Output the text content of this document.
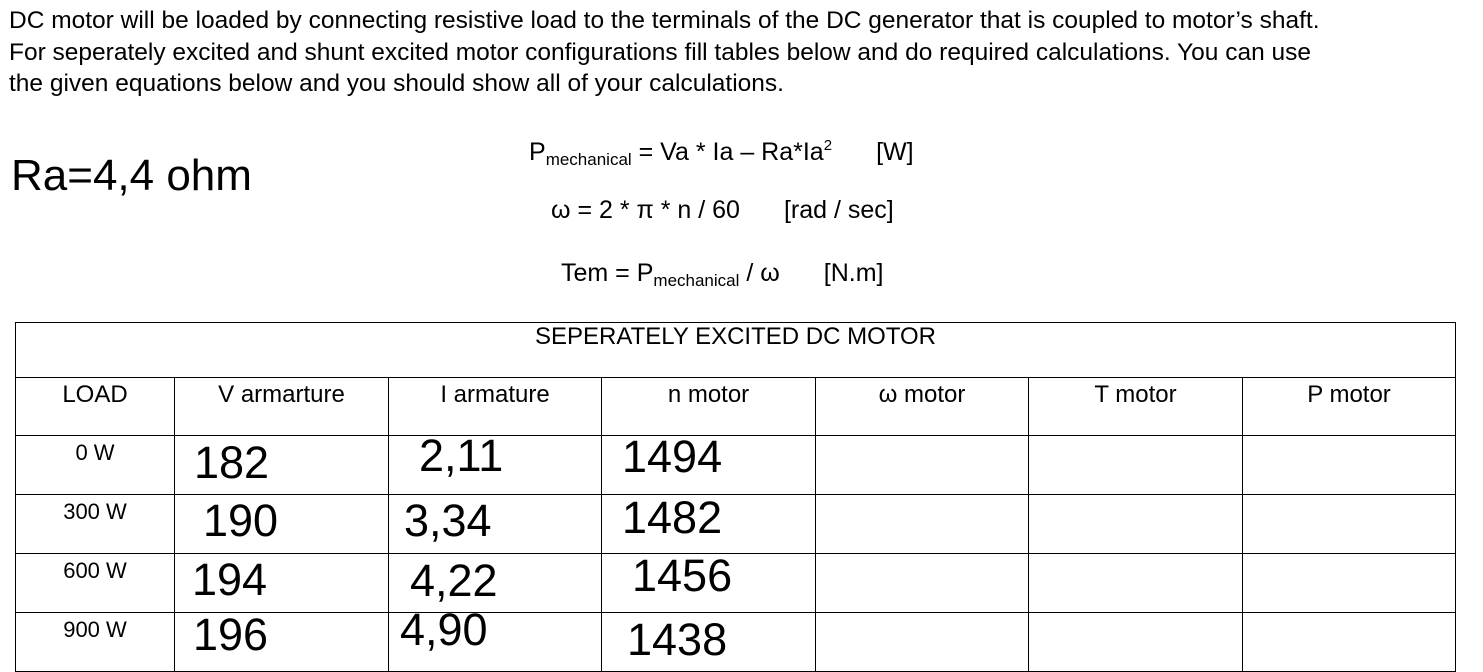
DC motor will be loaded by connecting resistive load to the terminals of the DC generator that is coupled to motor’s shaft.

For seperately excited and shunt excited motor configurations fill tables below and do required calculations. You can use

the given equations below and you should show all of your calculations.

Ra=4,4 ohm	$P_{mechanical} = Va * Ia - Ra*Ia^2$ [W]
ω = 2 * π * n / 60 [rad / sec]
Tem = $P_{mechanical}$ / ω [N.m]
SEPERATELY EXCITED DC MOTOR						
LOAD	V armarture	I armature	n motor	ω motor	T motor	P motor
0 W	182	2,11	1494			

300 W	190	3,34	1482			

600 W	194	4,22	1456			

900 W	196	4,90	1438			
